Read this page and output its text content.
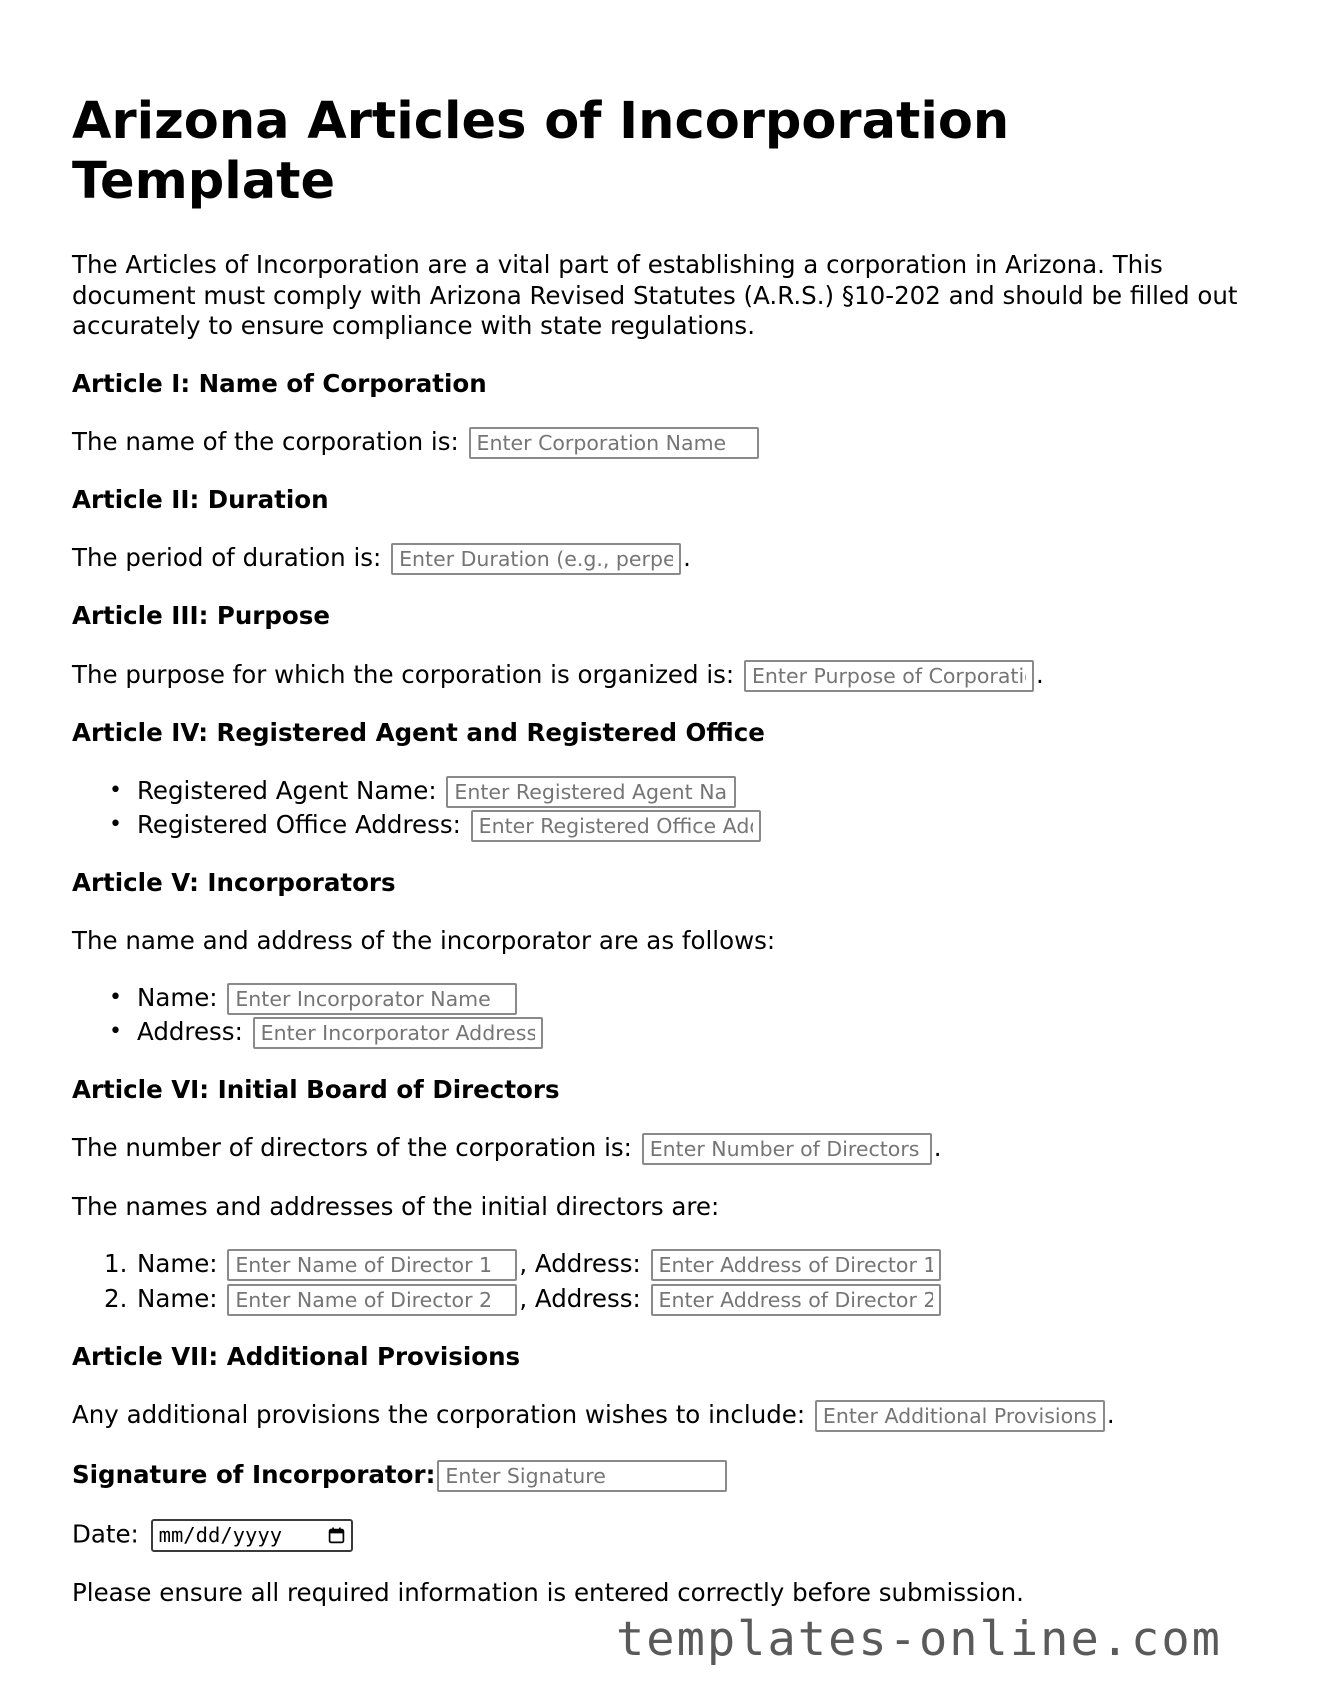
Arizona Articles of Incorporation Template

The Articles of Incorporation are a vital part of establishing a corporation in Arizona. This document must comply with Arizona Revised Statutes (A.R.S.) §10-202 and should be filled out accurately to ensure compliance with state regulations.

Article I: Name of Corporation
The name of the corporation is: Enter Corporation Name
Article II: Duration
The period of duration is: Enter Duration (e.g., perpetual)	.
Article III: Purpose
The purpose for which the corporation is organized is: Enter Purpose of Corporation	.
Article IV: Registered Agent and Registered Office
• Registered Agent Name: Enter Registered Agent Name
• Registered Office Address: Enter Registered Office Address
Article V: Incorporators

The name and address of the incorporator are as follows:

• Name: Enter Incorporator Name
• Address: Enter Incorporator Address
Article VI: Initial Board of Directors
The number of directors of the corporation is: Enter Number of Directors	.

The names and addresses of the initial directors are:

1. Name: Enter Name of Director 1	, Address: Enter Address of Director 1
2. Name: Enter Name of Director 2	, Address: Enter Address of Director 2
Article VII: Additional Provisions
Any additional provisions the corporation wishes to include: Enter Additional Provisions	.
Signature of Incorporator:Enter Signature
Date: mm/dd/yyyy

Please ensure all required information is entered correctly before submission.

templates-online.com
